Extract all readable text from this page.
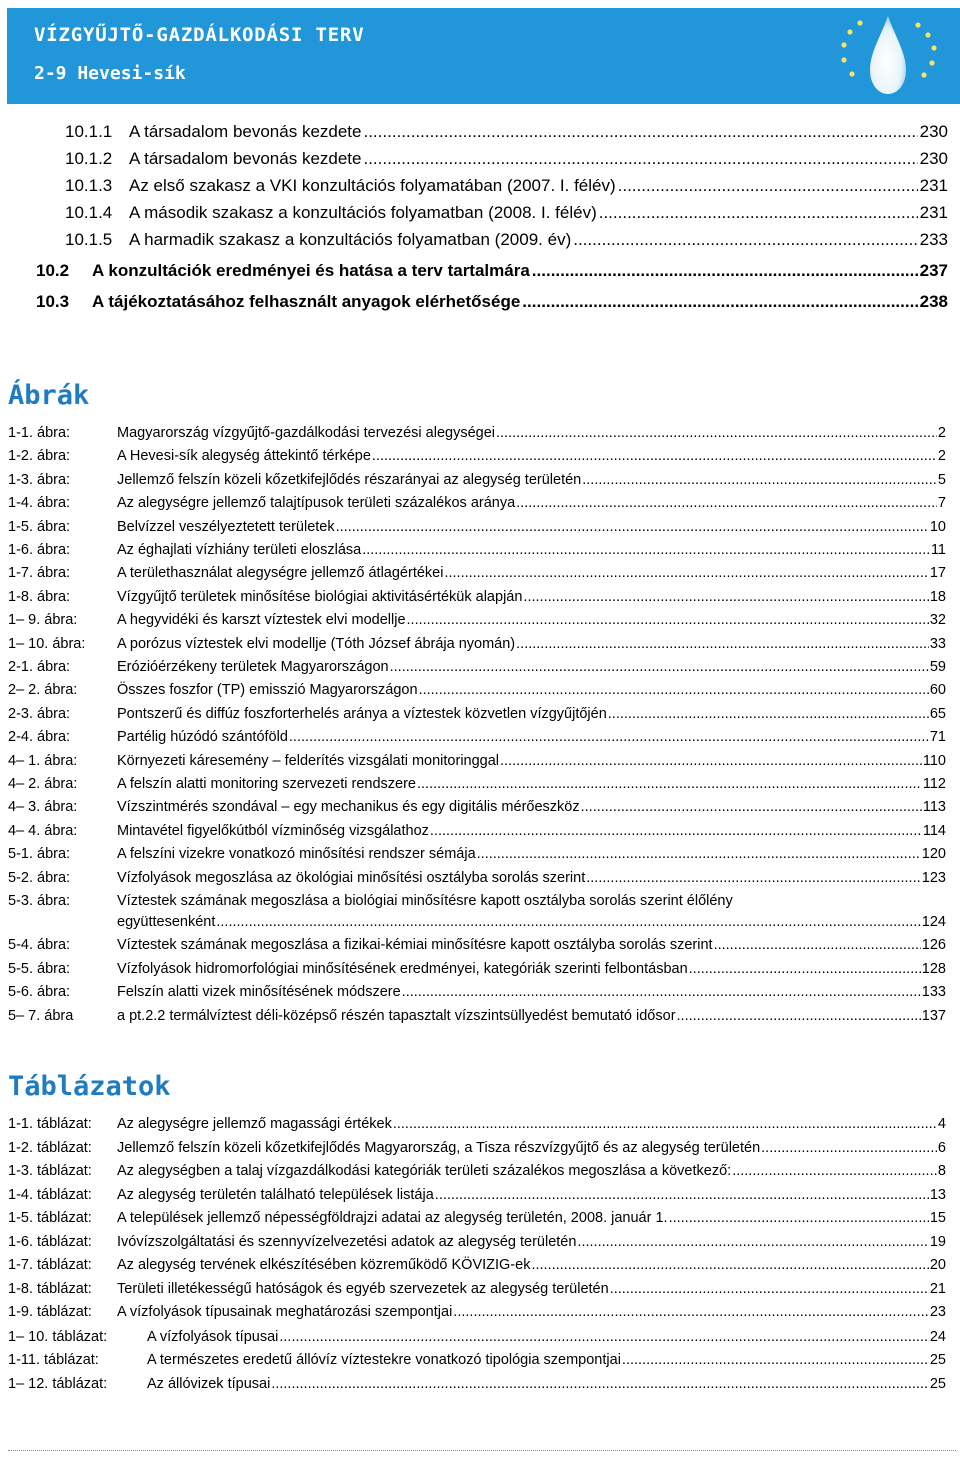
VÍZGYŰJTŐ-GAZDÁLKODÁSI TERV
2-9 Hevesi-sík
10.1.1 A társadalom bevonás kezdete .....	230
10.1.2 A társadalom bevonás kezdete .....	230
10.1.3 Az első szakasz a VKI konzultációs folyamatában (2007. I. félév) .....	231
10.1.4 A második szakasz a konzultációs folyamatban (2008. I. félév) .....	231
10.1.5 A harmadik szakasz a konzultációs folyamatban (2009. év) .....	233
10.2	A konzultációk eredményei és hatása a terv tartalmára .....	237
10.3	A tájékoztatásához felhasznált anyagok elérhetősége .....	238
Ábrák
1-1. ábra:	Magyarország vízgyűjtő-gazdálkodási tervezési alegységei .....	2
1-2. ábra:	A Hevesi-sík alegység áttekintő térképe .....	2
1-3. ábra:	Jellemző felszín közeli kőzetkifejlődés részarányai az alegység területén .....	5
1-4. ábra:	Az alegységre jellemző talajtípusok területi százalékos aránya .....	7
1-5. ábra:	Belvízzel veszélyeztetett területek .....	10
1-6. ábra:	Az éghajlati vízhiány területi eloszlása .....	11
1-7. ábra:	A területhasználat alegységre jellemző átlagértékei .....	17
1-8. ábra:	Vízgyűjtő területek minősítése biológiai aktivitásértékük alapján .....	18
1– 9. ábra:	A hegyvidéki és karszt víztestek elvi modellje .....	32
1– 10. ábra:	A porózus víztestek elvi modellje (Tóth József ábrája nyomán) .....	33
2-1. ábra:	Erózióérzékeny területek Magyarországon .....	59
2– 2. ábra:	Összes foszfor (TP) emisszió Magyarországon .....	60
2-3. ábra:	Pontszerű és diffúz foszforterhelés aránya a víztestek közvetlen vízgyűjtőjén .....	65
2-4. ábra:	Partélig húzódó szántóföld .....	71
4– 1. ábra:	Környezeti káresemény – felderítés vizsgálati monitoringgal .....	110
4– 2. ábra:	A felszín alatti monitoring szervezeti rendszere .....	112
4– 3. ábra:	Vízszintmérés szondával – egy mechanikus és egy digitális mérőeszköz .....	113
4– 4. ábra:	Mintavétel figyelőkútból vízminőség vizsgálathoz .....	114
5-1. ábra:	A felszíni vizekre vonatkozó minősítési rendszer sémája .....	120
5-2. ábra:	Vízfolyások megoszlása az ökológiai minősítési osztályba sorolás szerint .....	123
5-3. ábra:	Víztestek számának megoszlása a biológiai minősítésre kapott osztályba sorolás szerint élőlény
együttesenként .....	124
5-4. ábra:	Víztestek számának megoszlása a fizikai-kémiai minősítésre kapott osztályba sorolás szerint .....	126
5-5. ábra:	Vízfolyások hidromorfológiai minősítésének eredményei, kategóriák szerinti felbontásban .....	128
5-6. ábra:	Felszín alatti vizek minősítésének módszere .....	133
5– 7. ábra	a pt.2.2 termálvíztest déli-középső részén tapasztalt vízszintsüllyedést bemutató idősor .....	137
Táblázatok
1-1. táblázat:	Az alegységre jellemző magassági értékek .....	4
1-2. táblázat:	Jellemző felszín közeli kőzetkifejlődés Magyarország, a Tisza részvízgyűjtő és az alegység területén .....	6
1-3. táblázat:	Az alegységben a talaj vízgazdálkodási kategóriák területi százalékos megoszlása a következő: .....	8
1-4. táblázat:	Az alegység területén található települések listája .....	13
1-5. táblázat:	A települések jellemző népességföldrajzi adatai az alegység területén, 2008. január 1. .....	15
1-6. táblázat:	Ivóvízszolgáltatási és szennyvízelvezetési adatok az alegység területén .....	19
1-7. táblázat:	Az alegység tervének elkészítésében közreműködő KÖVIZIG-ek .....	20
1-8. táblázat:	Területi illetékességű hatóságok és egyéb szervezetek az alegység területén .....	21
1-9. táblázat:	A vízfolyások típusainak meghatározási szempontjai .....	23
1– 10. táblázat:	A vízfolyások típusai .....	24
1-11. táblázat:	A természetes eredetű állóvíz víztestekre vonatkozó tipológia szempontjai .....	25
1– 12. táblázat:	Az állóvizek típusai .....	25
